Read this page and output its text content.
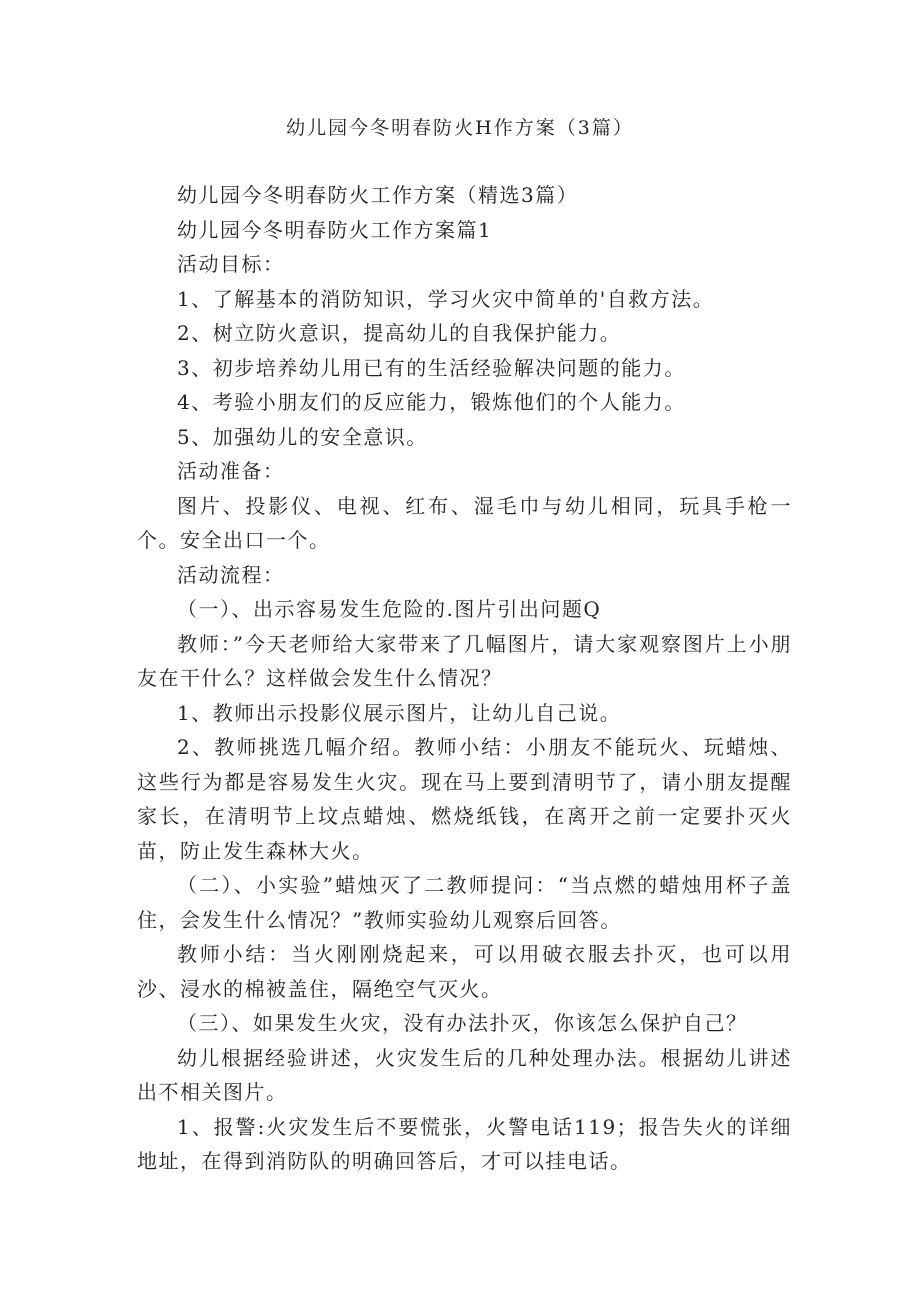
幼儿园今冬明春防火H作方案（3篇）

幼儿园今冬明春防火工作方案（精选3篇）

幼儿园今冬明春防火工作方案篇1

活动目标：

1、了解基本的消防知识，学习火灾中简单的'自救方法。

2、树立防火意识，提高幼儿的自我保护能力。

3、初步培养幼儿用已有的生活经验解决问题的能力。

4、考验小朋友们的反应能力，锻炼他们的个人能力。

5、加强幼儿的安全意识。

活动准备：

图片、投影仪、电视、红布、湿毛巾与幼儿相同，玩具手枪一个。安全出口一个。

活动流程：

（一）、出示容易发生危险的.图片引出问题Q

教师：”今天老师给大家带来了几幅图片，请大家观察图片上小朋友在干什么？这样做会发生什么情况？

1、教师出示投影仪展示图片，让幼儿自己说。

2、教师挑选几幅介绍。教师小结：小朋友不能玩火、玩蜡烛、这些行为都是容易发生火灾。现在马上要到清明节了，请小朋友提醒家长，在清明节上坟点蜡烛、燃烧纸钱，在离开之前一定要扑灭火苗，防止发生森林大火。

（二）、小实验”蜡烛灭了二教师提问：“当点燃的蜡烛用杯子盖住，会发生什么情况？”教师实验幼儿观察后回答。

教师小结：当火刚刚烧起来，可以用破衣服去扑灭，也可以用沙、浸水的棉被盖住，隔绝空气灭火。

（三）、如果发生火灾，没有办法扑灭，你该怎么保护自己？

幼儿根据经验讲述，火灾发生后的几种处理办法。根据幼儿讲述出不相关图片。

1、报警:火灾发生后不要慌张，火警电话119；报告失火的详细地址，在得到消防队的明确回答后，才可以挂电话。
